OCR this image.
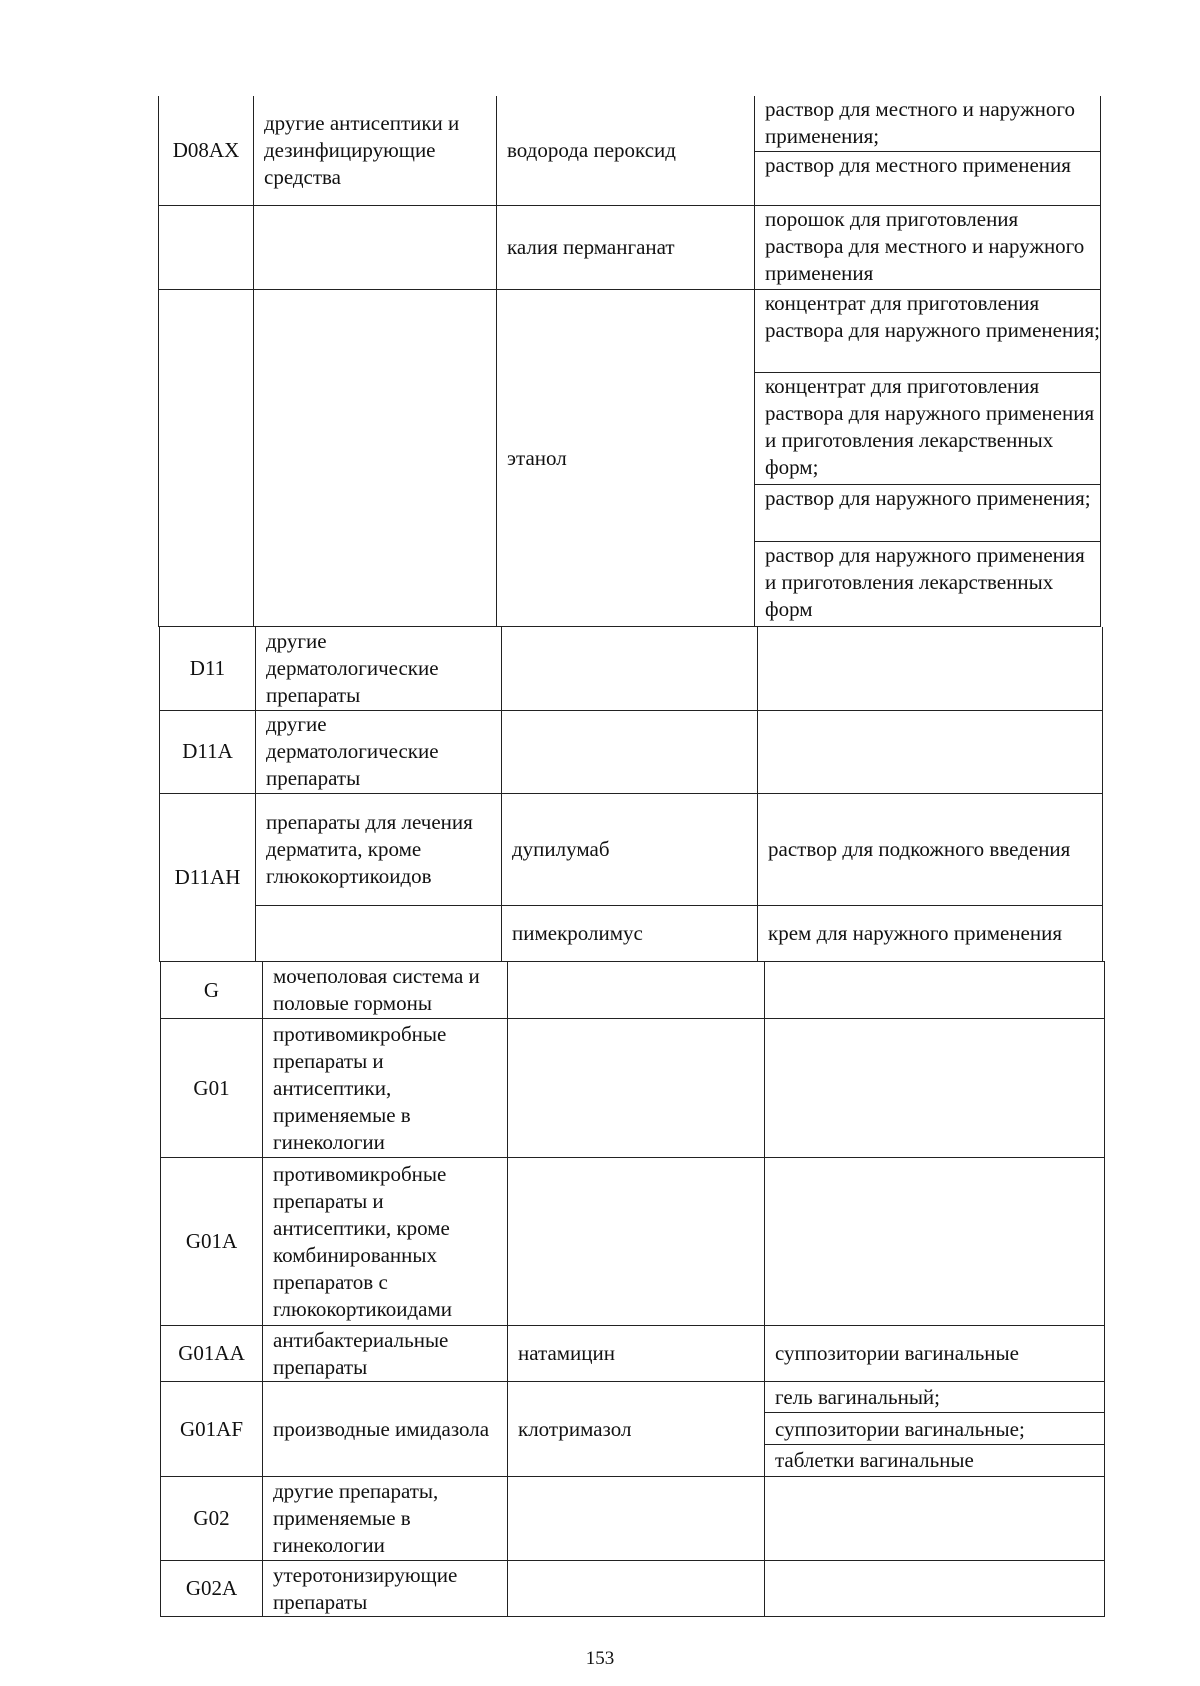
D08AX	другие антисептики и дезинфицирующие средства	водорода пероксид	раствор для местного и наружного применения;
раствор для местного применения

		калия перманганат	порошок для приготовления раствора для местного и наружного применения

		этанол	концентрат для приготовления раствора для наружного применения;
концентрат для приготовления раствора для наружного применения и приготовления лекарственных форм;
раствор для наружного применения;
раствор для наружного применения и приготовления лекарственных форм
D11	другие дерматологические препараты		
D11A	другие дерматологические препараты		
D11AH	препараты для лечения дерматита, кроме глюкокортикоидов	дупилумаб	раствор для подкожного введения
		пимекролимус	крем для наружного применения
G	мочеполовая система и половые гормоны		
G01	противомикробные препараты и антисептики, применяемые в гинекологии		
G01A	противомикробные препараты и антисептики, кроме комбинированных препаратов с глюкокортикоидами		
G01AA	антибактериальные препараты	натамицин	суппозитории вагинальные
G01AF	производные имидазола	клотримазол	гель вагинальный;
суппозитории вагинальные;
таблетки вагинальные

G02	другие препараты, применяемые в гинекологии		
G02A	утеротонизирующие препараты		
153
